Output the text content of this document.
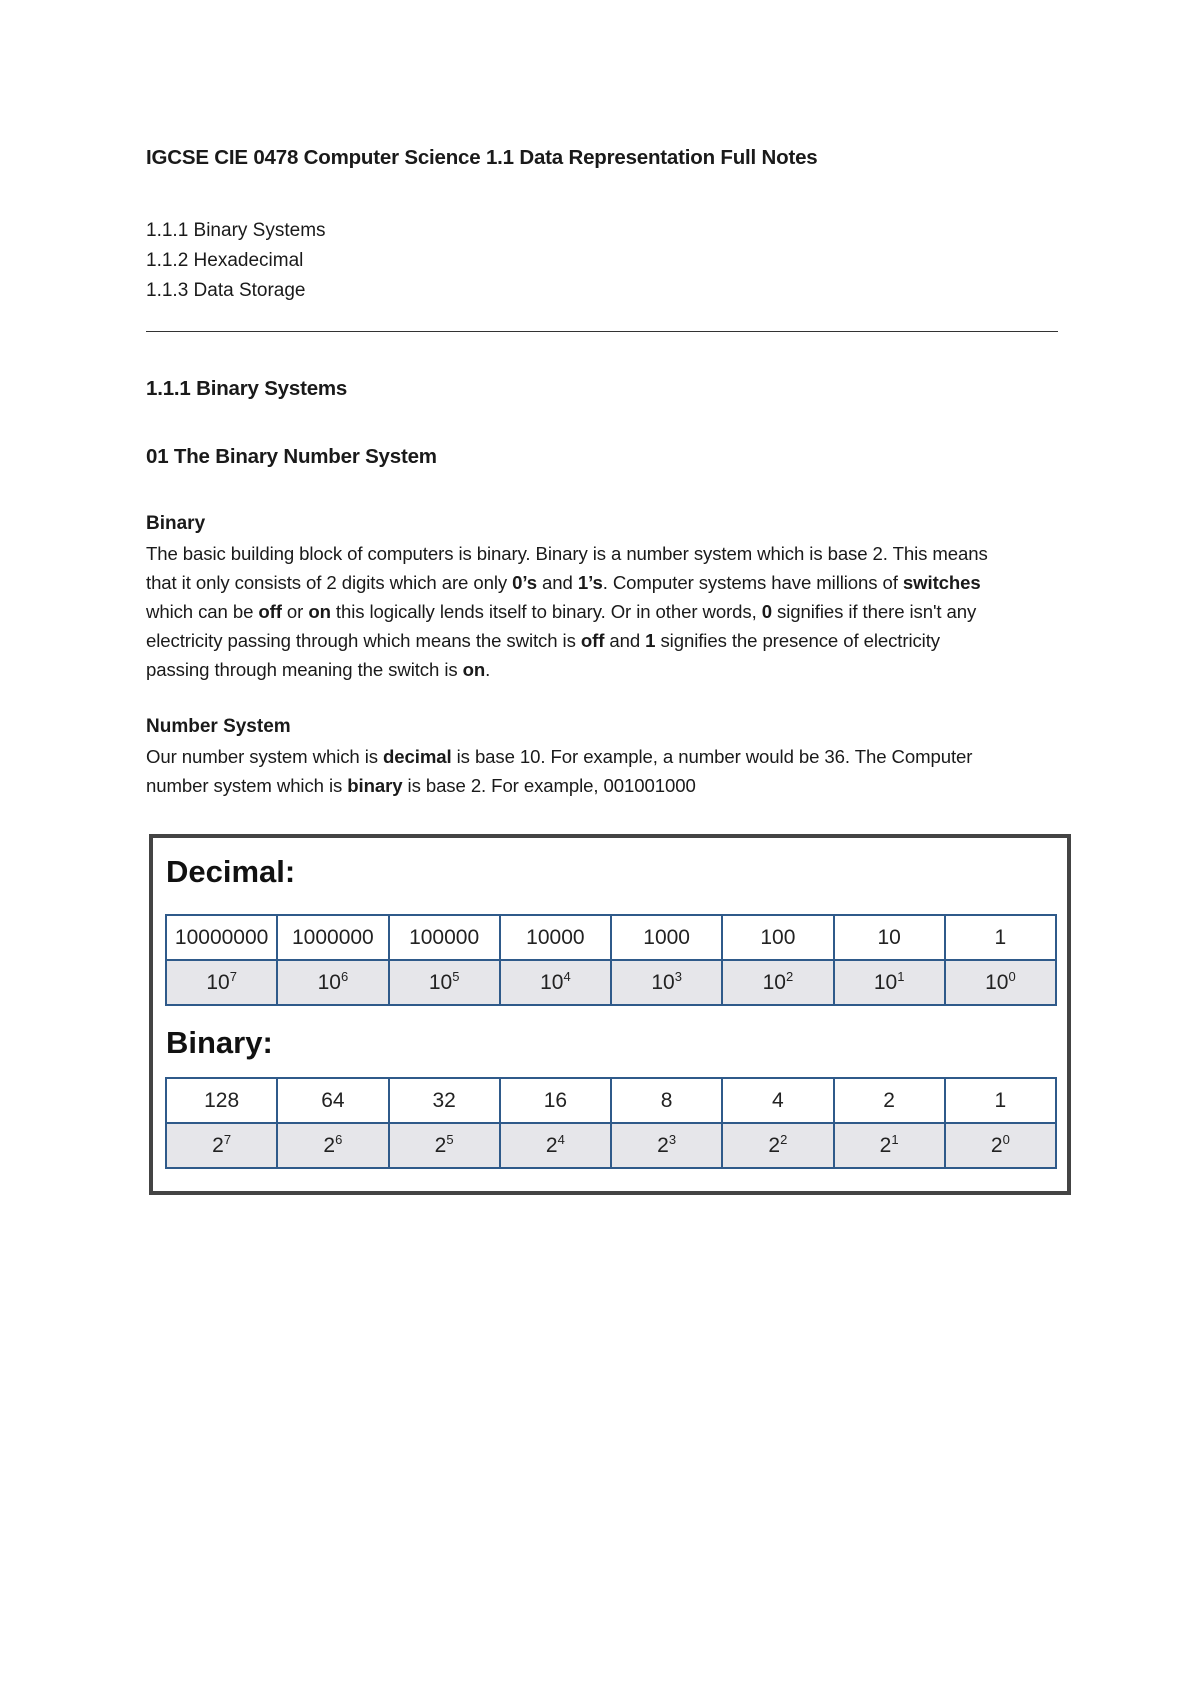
IGCSE CIE 0478 Computer Science 1.1 Data Representation Full Notes
1.1.1 Binary Systems
1.1.2 Hexadecimal
1.1.3 Data Storage
1.1.1 Binary Systems
01 The Binary Number System
Binary
The basic building block of computers is binary. Binary is a number system which is base 2. This means
that it only consists of 2 digits which are only 0’s and 1’s. Computer systems have millions of switches
which can be off or on this logically lends itself to binary. Or in other words, 0 signifies if there isn't any
electricity passing through which means the switch is off and 1 signifies the presence of electricity
passing through meaning the switch is on.
Number System
Our number system which is decimal is base 10. For example, a number would be 36. The Computer
number system which is binary is base 2. For example, 001001000
Decimal:
10000000	1000000	100000	10000	1000	100	10	1
$10^7$	$10^6$	$10^5$	$10^4$	$10^3$	$10^2$	$10^1$	$10^0$
Binary:
128	64	32	16	8	4	2	1
$2^7$	$2^6$	$2^5$	$2^4$	$2^3$	$2^2$	$2^1$	$2^0$
